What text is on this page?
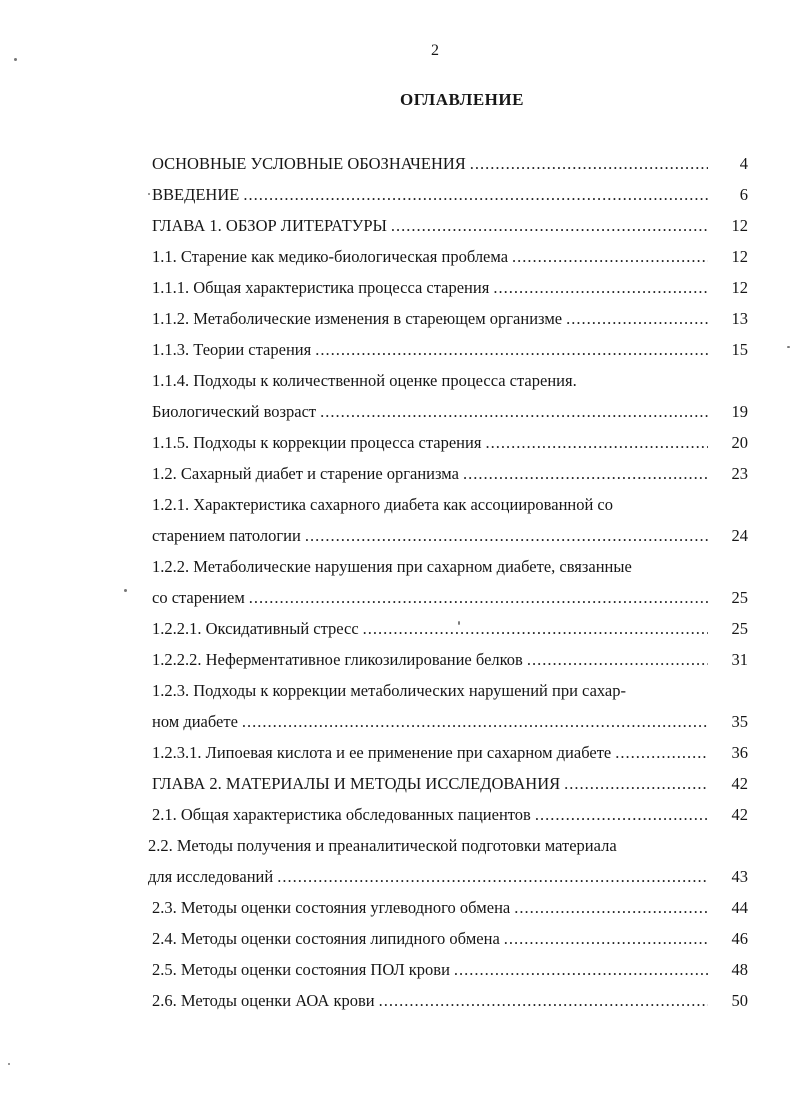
2
ОГЛАВЛЕНИЕ
ОСНОВНЫЕ УСЛОВНЫЕ ОБОЗНАЧЕНИЯ .....	4
ВВЕДЕНИЕ .....	6
ГЛАВА 1. ОБЗОР ЛИТЕРАТУРЫ .....	12
1.1. Старение как медико-биологическая проблема .....	12
1.1.1. Общая характеристика процесса старения .....	12
1.1.2. Метаболические изменения в стареющем организме .....	13
1.1.3. Теории старения .....	15
1.1.4. Подходы к количественной оценке процесса старения.
Биологический возраст .....	19
1.1.5. Подходы к коррекции процесса старения .....	20
1.2. Сахарный диабет и старение организма .....	23
1.2.1. Характеристика сахарного диабета как ассоциированной со
старением патологии .....	24
1.2.2. Метаболические нарушения при сахарном диабете, связанные
со старением .....	25
1.2.2.1. Оксидативный стресс .....	25
1.2.2.2. Неферментативное гликозилирование белков .....	31
1.2.3. Подходы к коррекции метаболических нарушений при сахар-
ном диабете .....	35
1.2.3.1. Липоевая кислота и ее применение при сахарном диабете .....	36
ГЛАВА 2. МАТЕРИАЛЫ И МЕТОДЫ ИССЛЕДОВАНИЯ .....	42
2.1. Общая характеристика обследованных пациентов .....	42
2.2. Методы получения и преаналитической подготовки материала
для исследований .....	43
2.3. Методы оценки состояния углеводного обмена .....	44
2.4. Методы оценки состояния липидного обмена .....	46
2.5. Методы оценки состояния ПОЛ крови .....	48
2.6. Методы оценки АОА крови .....	50
